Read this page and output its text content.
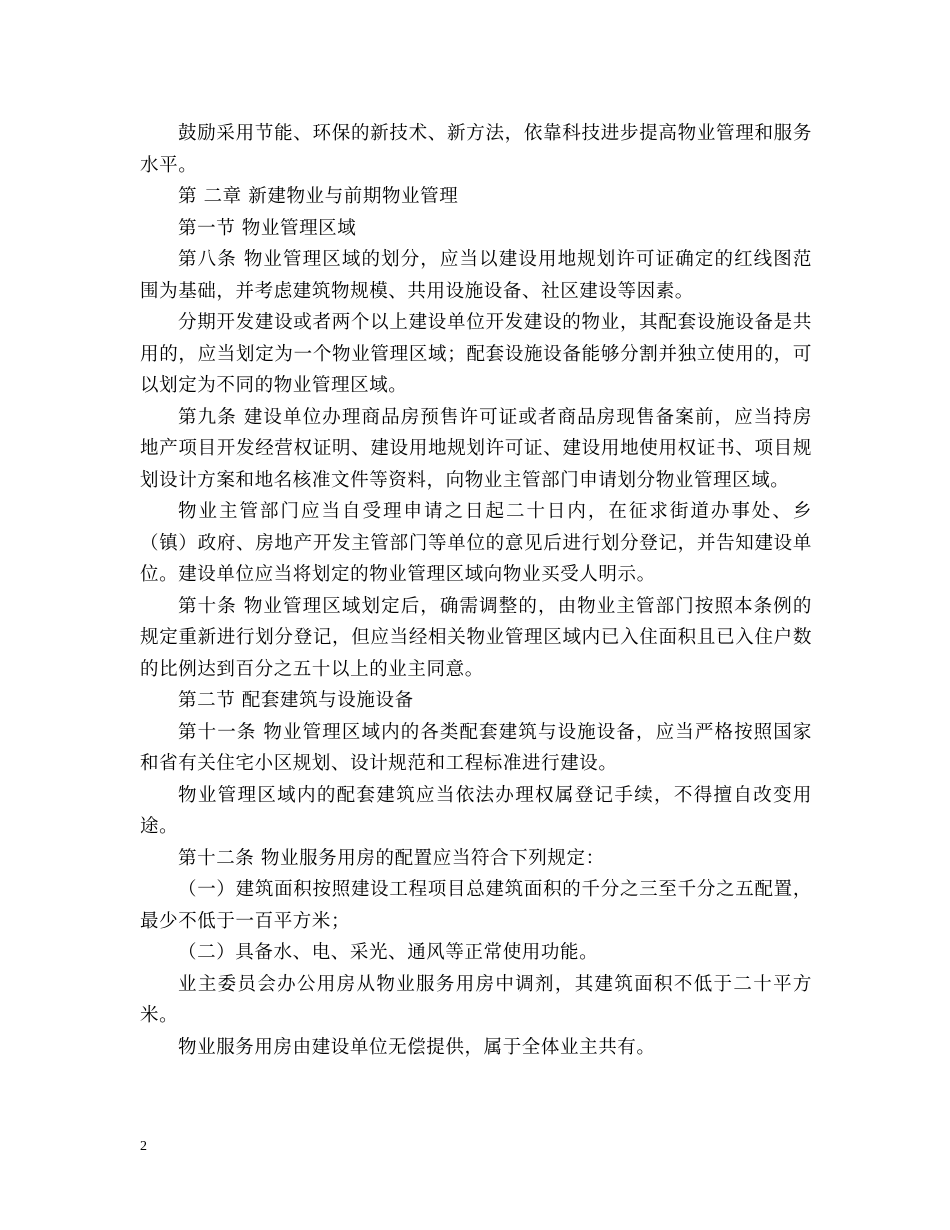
鼓励采用节能、环保的新技术、新方法，依靠科技进步提高物业管理和服务水平。

第 二章 新建物业与前期物业管理

第一节 物业管理区域

第八条 物业管理区域的划分，应当以建设用地规划许可证确定的红线图范围为基础，并考虑建筑物规模、共用设施设备、社区建设等因素。

分期开发建设或者两个以上建设单位开发建设的物业，其配套设施设备是共用的，应当划定为一个物业管理区域；配套设施设备能够分割并独立使用的，可以划定为不同的物业管理区域。

第九条 建设单位办理商品房预售许可证或者商品房现售备案前，应当持房地产项目开发经营权证明、建设用地规划许可证、建设用地使用权证书、项目规划设计方案和地名核准文件等资料，向物业主管部门申请划分物业管理区域。

物业主管部门应当自受理申请之日起二十日内，在征求街道办事处、乡（镇）政府、房地产开发主管部门等单位的意见后进行划分登记，并告知建设单位。建设单位应当将划定的物业管理区域向物业买受人明示。

第十条 物业管理区域划定后，确需调整的，由物业主管部门按照本条例的规定重新进行划分登记，但应当经相关物业管理区域内已入住面积且已入住户数的比例达到百分之五十以上的业主同意。

第二节 配套建筑与设施设备

第十一条 物业管理区域内的各类配套建筑与设施设备，应当严格按照国家和省有关住宅小区规划、设计规范和工程标准进行建设。

物业管理区域内的配套建筑应当依法办理权属登记手续，不得擅自改变用途。

第十二条 物业服务用房的配置应当符合下列规定：

（一）建筑面积按照建设工程项目总建筑面积的千分之三至千分之五配置，最少不低于一百平方米；

（二）具备水、电、采光、通风等正常使用功能。

业主委员会办公用房从物业服务用房中调剂，其建筑面积不低于二十平方米。

物业服务用房由建设单位无偿提供，属于全体业主共有。

2
